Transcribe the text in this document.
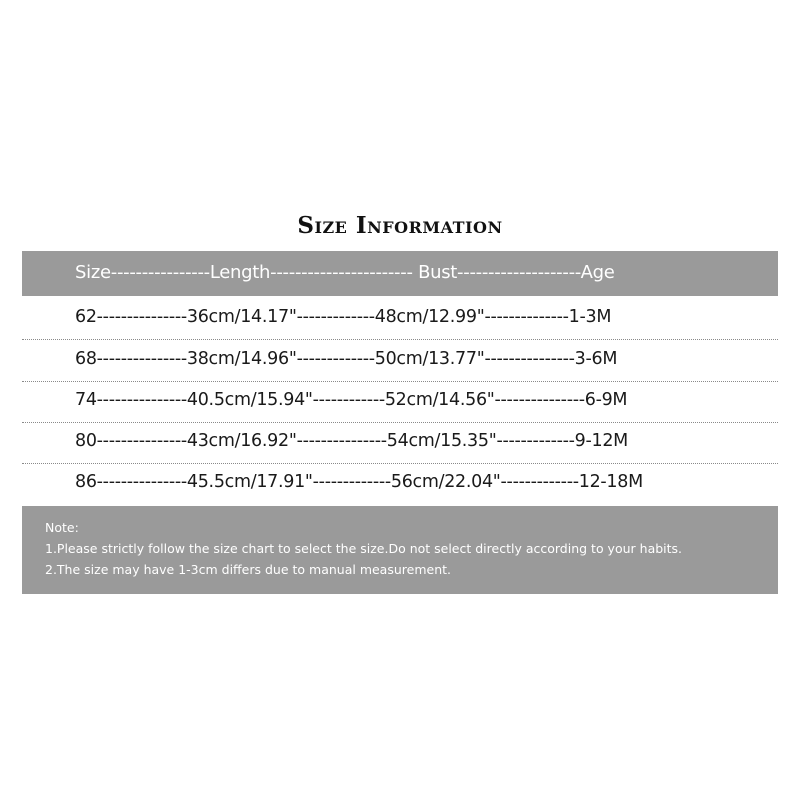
Size Information
Size----------------Length----------------------- Bust--------------------Age
62---------------36cm/14.17"-------------48cm/12.99"--------------1-3M
68---------------38cm/14.96"-------------50cm/13.77"---------------3-6M
74---------------40.5cm/15.94"------------52cm/14.56"---------------6-9M
80---------------43cm/16.92"---------------54cm/15.35"-------------9-12M
86---------------45.5cm/17.91"-------------56cm/22.04"-------------12-18M
Note:
1.Please strictly follow the size chart to select the size.Do not select directly according to your habits.
2.The size may have 1-3cm differs due to manual measurement.
